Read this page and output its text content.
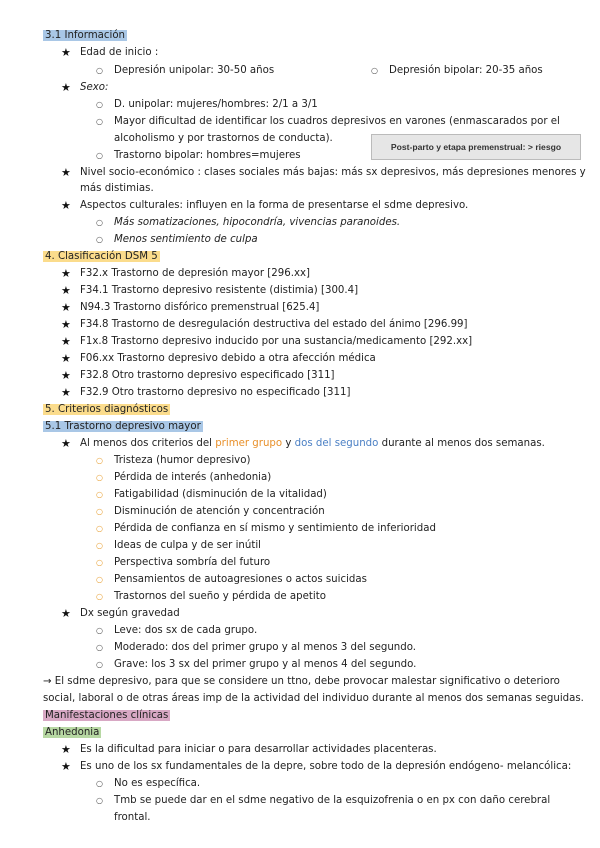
3.1 Información
★ Edad de inicio :
○ Depresión unipolar: 30-50 años	○ Depresión bipolar: 20-35 años
★ Sexo:
○ D. unipolar: mujeres/hombres: 2/1 a 3/1
○ Mayor dificultad de identificar los cuadros depresivos en varones (enmascarados por el
alcoholismo y por trastornos de conducta).
○ Trastorno bipolar: hombres=mujeres
Post-parto y etapa premenstrual: > riesgo
★ Nivel socio-económico : clases sociales más bajas: más sx depresivos, más depresiones menores y
más distimias.
★ Aspectos culturales: influyen en la forma de presentarse el sdme depresivo.
○ Más somatizaciones, hipocondría, vivencias paranoides.
○ Menos sentimiento de culpa
4. Clasificación DSM 5
★ F32.x Trastorno de depresión mayor [296.xx]
★ F34.1 Trastorno depresivo resistente (distimia) [300.4]
★ N94.3 Trastorno disfórico premenstrual [625.4]
★ F34.8 Trastorno de desregulación destructiva del estado del ánimo [296.99]
★ F1x.8 Trastorno depresivo inducido por una sustancia/medicamento [292.xx]
★ F06.xx Trastorno depresivo debido a otra afección médica
★ F32.8 Otro trastorno depresivo especificado [311]
★ F32.9 Otro trastorno depresivo no especificado [311]
5. Criterios diagnósticos
5.1 Trastorno depresivo mayor
★ Al menos dos criterios del primer grupo y dos del segundo durante al menos dos semanas.
○ Tristeza (humor depresivo)
○ Pérdida de interés (anhedonia)
○ Fatigabilidad (disminución de la vitalidad)
○ Disminución de atención y concentración
○ Pérdida de confianza en sí mismo y sentimiento de inferioridad
○ Ideas de culpa y de ser inútil
○ Perspectiva sombría del futuro
○ Pensamientos de autoagresiones o actos suicidas
○ Trastornos del sueño y pérdida de apetito
★ Dx según gravedad
○ Leve: dos sx de cada grupo.
○ Moderado: dos del primer grupo y al menos 3 del segundo.
○ Grave: los 3 sx del primer grupo y al menos 4 del segundo.
→ El sdme depresivo, para que se considere un ttno, debe provocar malestar significativo o deterioro
social, laboral o de otras áreas imp de la actividad del individuo durante al menos dos semanas seguidas.
Manifestaciones clínicas
Anhedonia
★ Es la dificultad para iniciar o para desarrollar actividades placenteras.
★ Es uno de los sx fundamentales de la depre, sobre todo de la depresión endógeno- melancólica:
○ No es específica.
○ Tmb se puede dar en el sdme negativo de la esquizofrenia o en px con daño cerebral
frontal.
